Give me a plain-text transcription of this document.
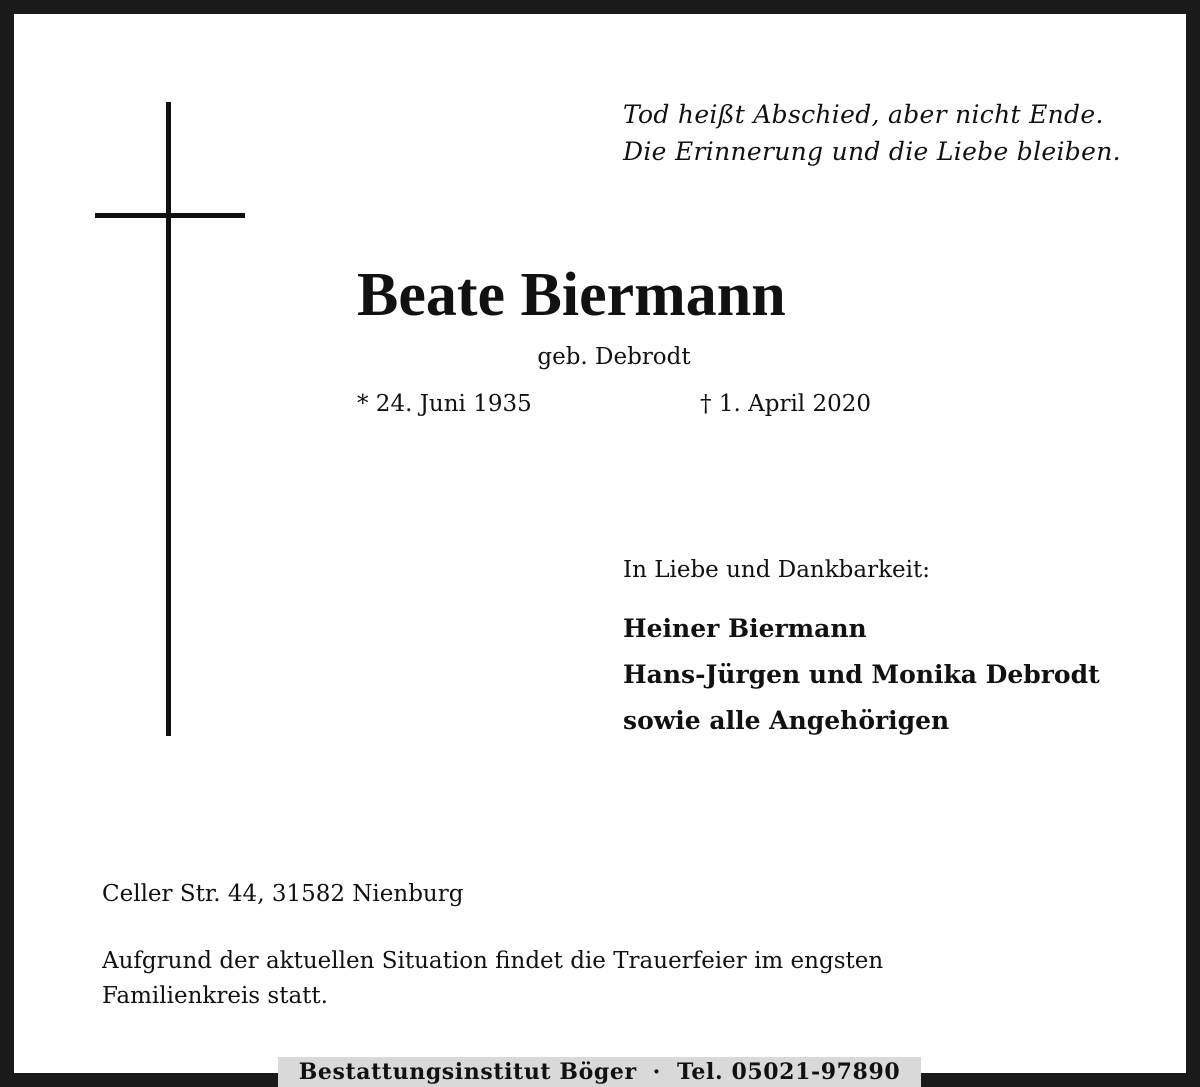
Tod heißt Abschied, aber nicht Ende.
Die Erinnerung und die Liebe bleiben.
Beate Biermann
geb. Debrodt
* 24. Juni 1935	† 1. April 2020
In Liebe und Dankbarkeit:
Heiner Biermann
Hans-Jürgen und Monika Debrodt
sowie alle Angehörigen
Celler Str. 44, 31582 Nienburg
Aufgrund der aktuellen Situation findet die Trauerfeier im engsten
Familienkreis statt.
Bestattungsinstitut Böger · Tel. 05021-97890
